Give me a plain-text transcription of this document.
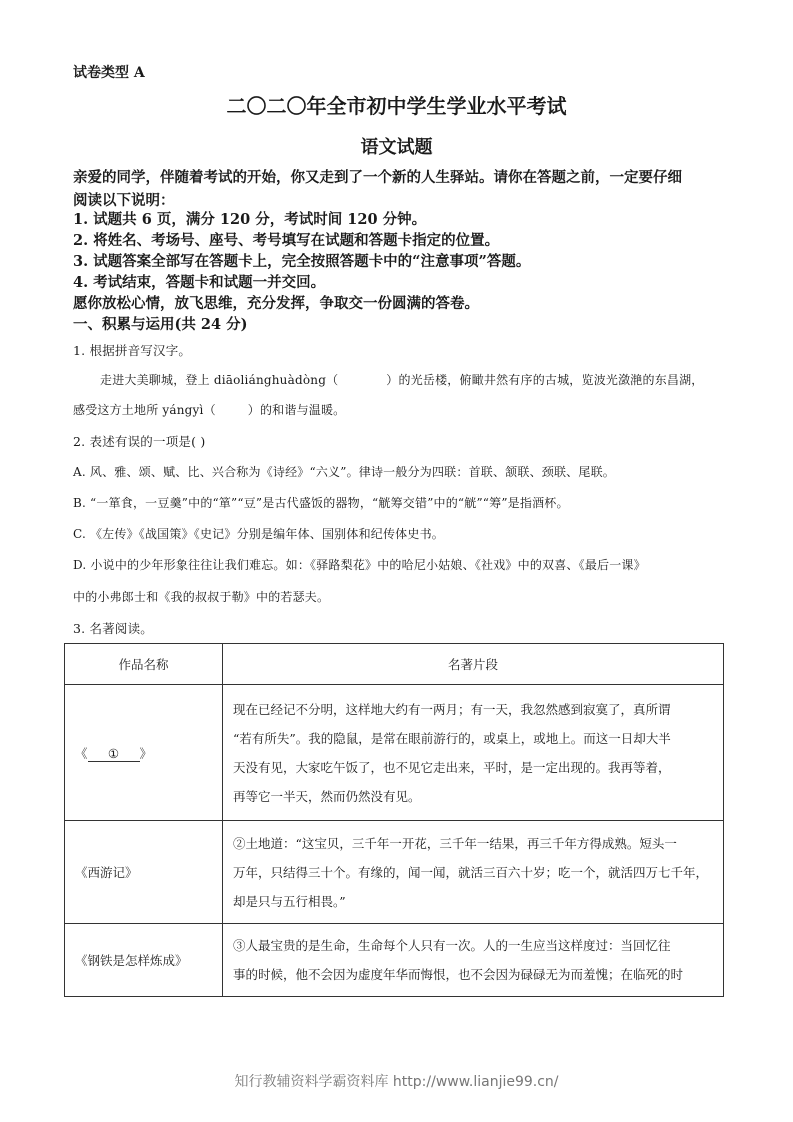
试卷类型 A
二〇二〇年全市初中学生学业水平考试
语文试题
亲爱的同学，伴随着考试的开始，你又走到了一个新的人生驿站。请你在答题之前，一定要仔细
阅读以下说明：
1. 试题共 6 页，满分 120 分，考试时间 120 分钟。
2. 将姓名、考场号、座号、考号填写在试题和答题卡指定的位置。
3. 试题答案全部写在答题卡上，完全按照答题卡中的“注意事项”答题。
4. 考试结束，答题卡和试题一并交回。
愿你放松心情，放飞思维，充分发挥，争取交一份圆满的答卷。
一、积累与运用(共 24 分)
1. 根据拼音写汉字。
走进大美聊城，登上 diāoliánghuàdòng（	）的光岳楼，俯瞰井然有序的古城，览波光潋滟的东昌湖，
感受这方土地所 yángyì（	）的和谐与温暖。
2. 表述有误的一项是( )
A. 风、雅、颂、赋、比、兴合称为《诗经》“六义”。律诗一般分为四联：首联、颔联、颈联、尾联。
B. “一箪食，一豆羹”中的“箪”“豆”是古代盛饭的器物，“觥筹交错”中的“觥”“筹”是指酒杯。
C. 《左传》《战国策》《史记》分别是编年体、国别体和纪传体史书。
D. 小说中的少年形象往往让我们难忘。如：《驿路梨花》中的哈尼小姑娘、《社戏》中的双喜、《最后一课》
中的小弗郎士和《我的叔叔于勒》中的若瑟夫。
3. 名著阅读。
作品名称	名著片段
《 ① 》	现在已经记不分明，这样地大约有一两月；有一天，我忽然感到寂寞了，真所谓
“若有所失”。我的隐鼠，是常在眼前游行的，或桌上，或地上。而这一日却大半
天没有见，大家吃午饭了，也不见它走出来，平时，是一定出现的。我再等着，
再等它一半天，然而仍然没有见。

《西游记》	②土地道：“这宝贝，三千年一开花，三千年一结果，再三千年方得成熟。短头一
万年，只结得三十个。有缘的，闻一闻，就活三百六十岁；吃一个，就活四万七千年，
却是只与五行相畏。”

《钢铁是怎样炼成》	③人最宝贵的是生命，生命每个人只有一次。人的一生应当这样度过：当回忆往
事的时候，他不会因为虚度年华而悔恨，也不会因为碌碌无为而羞愧；在临死的时
知行教辅资料学霸资料库 http://www.lianjie99.cn/
